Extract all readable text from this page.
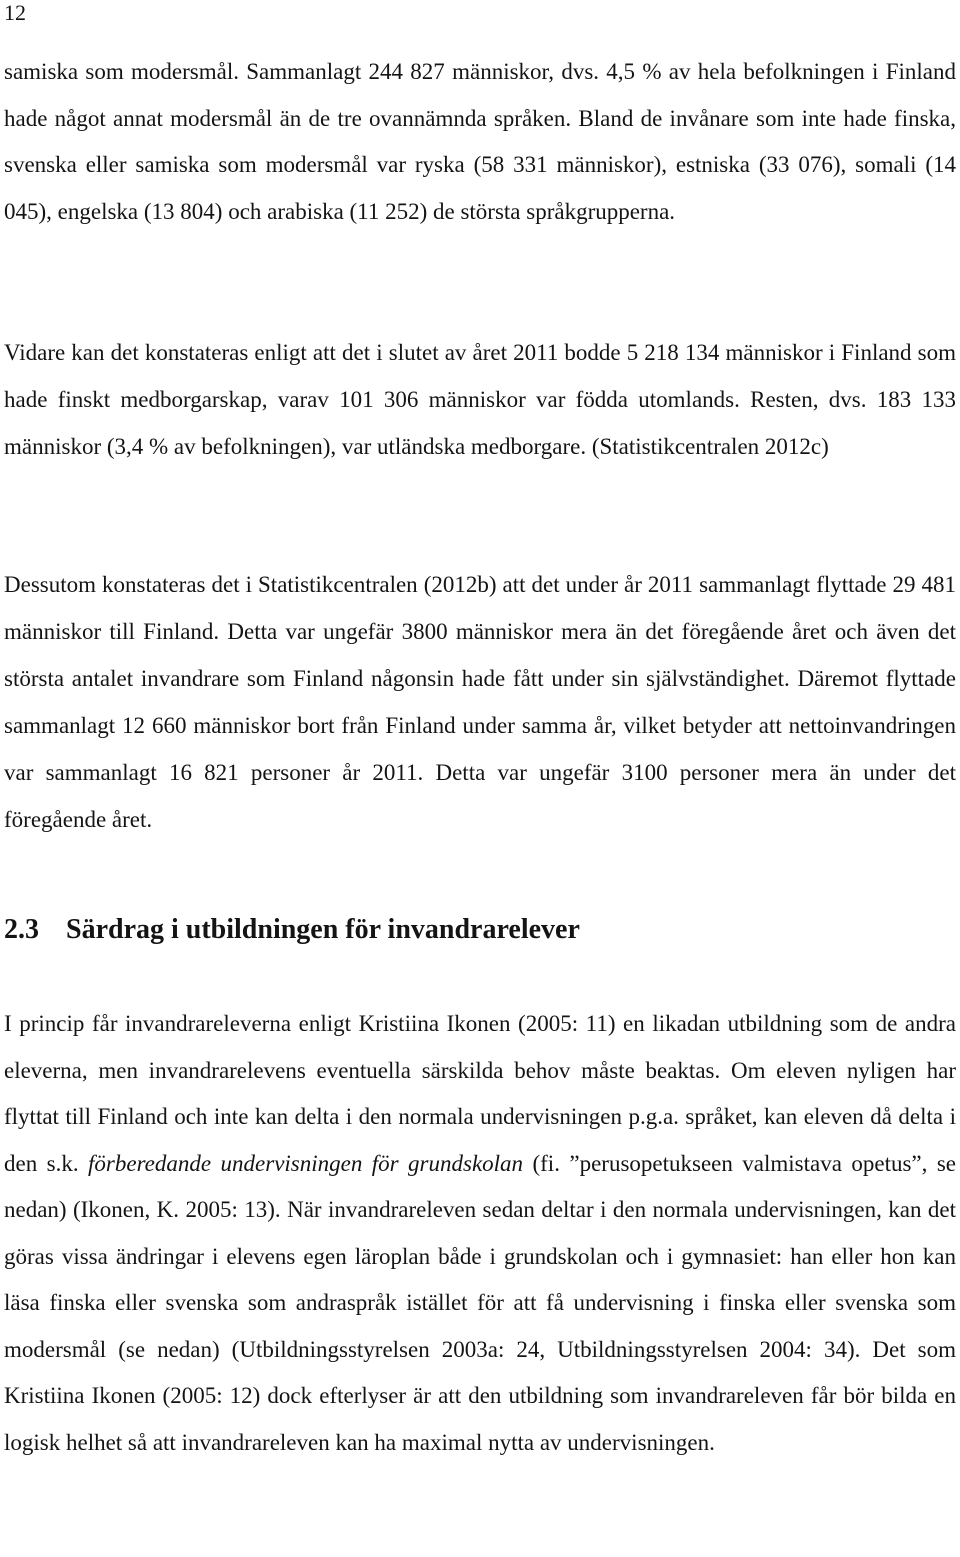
12

samiska som modersmål. Sammanlagt 244 827 människor, dvs. 4,5 % av hela befolkningen i Finland hade något annat modersmål än de tre ovannämnda språken. Bland de invånare som inte hade finska, svenska eller samiska som modersmål var ryska (58 331 människor), estniska (33 076), somali (14 045), engelska (13 804) och arabiska (11 252) de största språkgrupperna.

Vidare kan det konstateras enligt att det i slutet av året 2011 bodde 5 218 134 människor i Finland som hade finskt medborgarskap, varav 101 306 människor var födda utomlands. Resten, dvs. 183 133 människor (3,4 % av befolkningen), var utländska medborgare. (Statistikcentralen 2012c)

Dessutom konstateras det i Statistikcentralen (2012b) att det under år 2011 sammanlagt flyttade 29 481 människor till Finland. Detta var ungefär 3800 människor mera än det föregående året och även det största antalet invandrare som Finland någonsin hade fått under sin självständighet. Däremot flyttade sammanlagt 12 660 människor bort från Finland under samma år, vilket betyder att nettoinvandringen var sammanlagt 16 821 personer år 2011. Detta var ungefär 3100 personer mera än under det föregående året.

2.3 Särdrag i utbildningen för invandrarelever

I princip får invandrareleverna enligt Kristiina Ikonen (2005: 11) en likadan utbildning som de andra eleverna, men invandrarelevens eventuella särskilda behov måste beaktas. Om eleven nyligen har flyttat till Finland och inte kan delta i den normala undervisningen p.g.a. språket, kan eleven då delta i den s.k. förberedande undervisningen för grundskolan (fi. ”perusopetukseen valmistava opetus”, se nedan) (Ikonen, K. 2005: 13). När invandrareleven sedan deltar i den normala undervisningen, kan det göras vissa ändringar i elevens egen läroplan både i grundskolan och i gymnasiet: han eller hon kan läsa finska eller svenska som andraspråk istället för att få undervisning i finska eller svenska som modersmål (se nedan) (Utbildningsstyrelsen 2003a: 24, Utbildningsstyrelsen 2004: 34). Det som Kristiina Ikonen (2005: 12) dock efterlyser är att den utbildning som invandrareleven får bör bilda en logisk helhet så att invandrareleven kan ha maximal nytta av undervisningen.
